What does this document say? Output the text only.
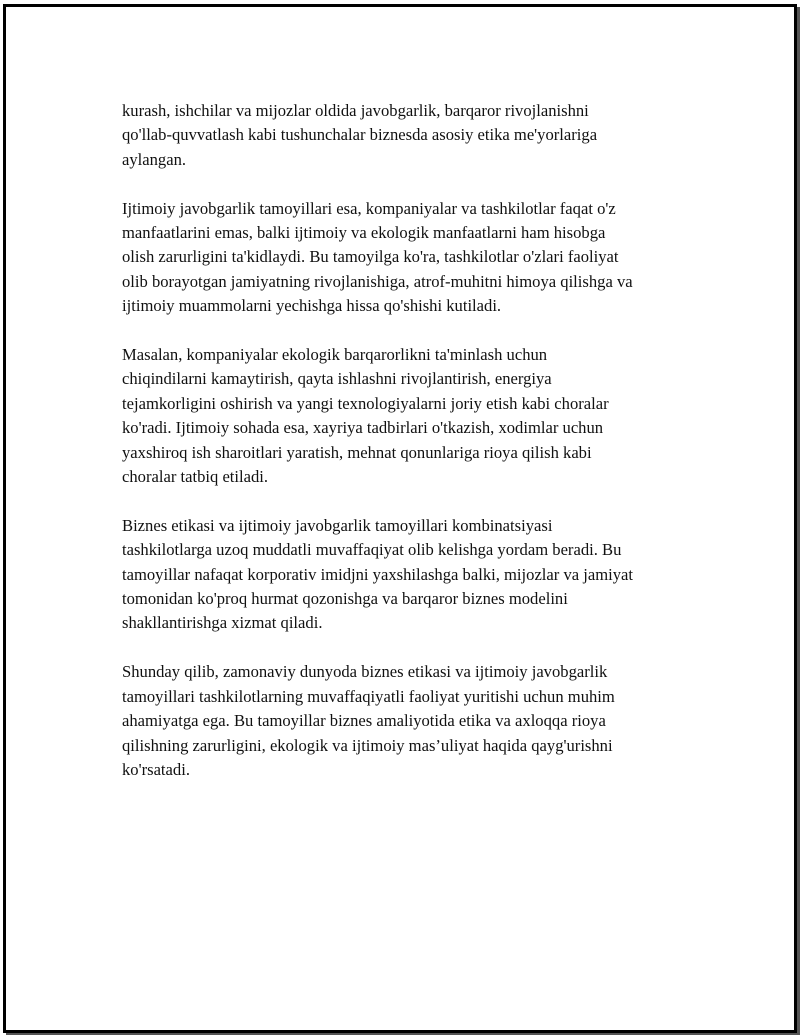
kurash, ishchilar va mijozlar oldida javobgarlik, barqaror rivojlanishni
qo'llab-quvvatlash kabi tushunchalar biznesda asosiy etika me'yorlariga
aylangan.

Ijtimoiy javobgarlik tamoyillari esa, kompaniyalar va tashkilotlar faqat o'z
manfaatlarini emas, balki ijtimoiy va ekologik manfaatlarni ham hisobga
olish zarurligini ta'kidlaydi. Bu tamoyilga ko'ra, tashkilotlar o'zlari faoliyat
olib borayotgan jamiyatning rivojlanishiga, atrof-muhitni himoya qilishga va
ijtimoiy muammolarni yechishga hissa qo'shishi kutiladi.

Masalan, kompaniyalar ekologik barqarorlikni ta'minlash uchun
chiqindilarni kamaytirish, qayta ishlashni rivojlantirish, energiya
tejamkorligini oshirish va yangi texnologiyalarni joriy etish kabi choralar
ko'radi. Ijtimoiy sohada esa, xayriya tadbirlari o'tkazish, xodimlar uchun
yaxshiroq ish sharoitlari yaratish, mehnat qonunlariga rioya qilish kabi
choralar tatbiq etiladi.

Biznes etikasi va ijtimoiy javobgarlik tamoyillari kombinatsiyasi
tashkilotlarga uzoq muddatli muvaffaqiyat olib kelishga yordam beradi. Bu
tamoyillar nafaqat korporativ imidjni yaxshilashga balki, mijozlar va jamiyat
tomonidan ko'proq hurmat qozonishga va barqaror biznes modelini
shakllantirishga xizmat qiladi.

Shunday qilib, zamonaviy dunyoda biznes etikasi va ijtimoiy javobgarlik
tamoyillari tashkilotlarning muvaffaqiyatli faoliyat yuritishi uchun muhim
ahamiyatga ega. Bu tamoyillar biznes amaliyotida etika va axloqqa rioya
qilishning zarurligini, ekologik va ijtimoiy mas’uliyat haqida qayg'urishni
ko'rsatadi.
